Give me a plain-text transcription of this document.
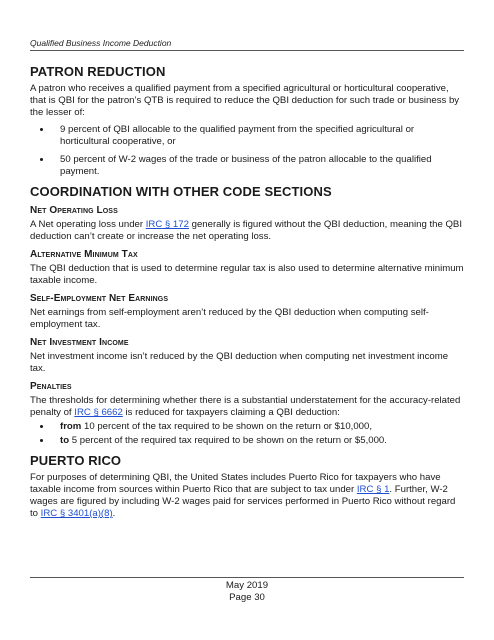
Qualified Business Income Deduction
PATRON REDUCTION

A patron who receives a qualified payment from a specified agricultural or horticultural cooperative, that is QBI for the patron’s QTB is required to reduce the QBI deduction for such trade or business by the lesser of:

• 9 percent of QBI allocable to the qualified payment from the specified agricultural or horticultural cooperative, or
• 50 percent of W-2 wages of the trade or business of the patron allocable to the qualified payment.
COORDINATION WITH OTHER CODE SECTIONS
Net Operating Loss

A Net operating loss under IRC § 172 generally is figured without the QBI deduction, meaning the QBI deduction can’t create or increase the net operating loss.

Alternative Minimum Tax

The QBI deduction that is used to determine regular tax is also used to determine alternative minimum taxable income.

Self-Employment Net Earnings

Net earnings from self-employment aren’t reduced by the QBI deduction when computing self-employment tax.

Net Investment Income

Net investment income isn’t reduced by the QBI deduction when computing net investment income tax.

Penalties

The thresholds for determining whether there is a substantial understatement for the accuracy-related penalty of IRC § 6662 is reduced for taxpayers claiming a QBI deduction:

• from 10 percent of the tax required to be shown on the return or $10,000,
• to 5 percent of the required tax required to be shown on the return or $5,000.
PUERTO RICO

For purposes of determining QBI, the United States includes Puerto Rico for taxpayers who have taxable income from sources within Puerto Rico that are subject to tax under IRC § 1. Further, W-2 wages are figured by including W-2 wages paid for services performed in Puerto Rico without regard to IRC § 3401(a)(8).

May 2019
Page 30
